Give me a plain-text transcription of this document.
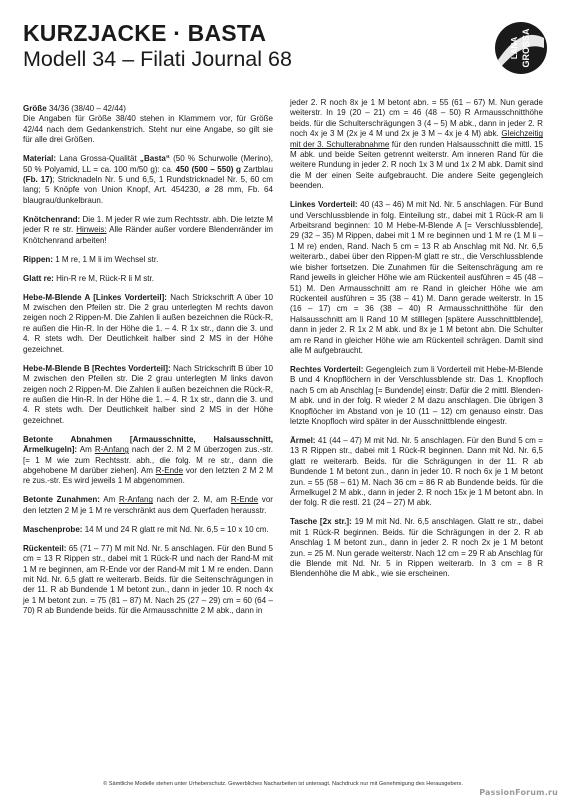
KURZJACKE · BASTA
Modell 34 – Filati Journal 68	LANA GROSSA

Größe 34/36 (38/40 – 42/44)
Die Angaben für Größe 38/40 stehen in Klammern vor, für Größe 42/44 nach dem Gedankenstrich. Steht nur eine Angabe, so gilt sie für alle drei Größen.

Material: Lana Grossa-Qualität „Basta“ (50 % Schurwolle (Merino), 50 % Polyamid, LL = ca. 100 m/50 g): ca. 450 (500 – 550) g Zartblau (Fb. 17); Stricknadeln Nr. 5 und 6,5, 1 Rundstricknadel Nr. 5, 60 cm lang; 5 Knöpfe von Union Knopf, Art. 454230, ø 28 mm, Fb. 64 blaugrau/dunkelbraun.

Knötchenrand: Die 1. M jeder R wie zum Rechtsstr. abh. Die letzte M jeder R re str. Hinweis: Alle Ränder außer vordere Blendenränder im Knötchenrand arbeiten!

Rippen: 1 M re, 1 M li im Wechsel str.

Glatt re: Hin-R re M, Rück-R li M str.

Hebe-M-Blende A [Linkes Vorderteil]: Nach Strickschrift A über 10 M zwischen den Pfeilen str. Die 2 grau unterlegten M rechts davon zeigen noch 2 Rippen-M. Die Zahlen li außen bezeichnen die Rück-R, re außen die Hin-R. In der Höhe die 1. – 4. R 1x str., dann die 3. und 4. R stets wdh. Der Deutlichkeit halber sind 2 MS in der Höhe gezeichnet.

Hebe-M-Blende B [Rechtes Vorderteil]: Nach Strickschrift B über 10 M zwischen den Pfeilen str. Die 2 grau unterlegten M links davon zeigen noch 2 Rippen-M. Die Zahlen li außen bezeichnen die Rück-R, re außen die Hin-R. In der Höhe die 1. – 4. R 1x str., dann die 3. und 4. R stets wdh. Der Deutlichkeit halber sind 2 MS in der Höhe gezeichnet.

Betonte Abnahmen [Armausschnitte, Halsausschnitt, Ärmelkugeln]: Am R-Anfang nach der 2. M 2 M überzogen zus.-str. [= 1 M wie zum Rechtsstr. abh., die folg. M re str., dann die abgehobene M darüber ziehen]. Am R-Ende vor den letzten 2 M 2 M re zus.-str. Es wird jeweils 1 M abgenommen.

Betonte Zunahmen: Am R-Anfang nach der 2. M, am R-Ende vor den letzten 2 M je 1 M re verschränkt aus dem Querfaden herausstr.

Maschenprobe: 14 M und 24 R glatt re mit Nd. Nr. 6,5 = 10 x 10 cm.

Rückenteil: 65 (71 – 77) M mit Nd. Nr. 5 anschlagen. Für den Bund 5 cm = 13 R Rippen str., dabei mit 1 Rück-R und nach der Rand-M mit 1 M re beginnen, am R-Ende vor der Rand-M mit 1 M re enden. Dann mit Nd. Nr. 6,5 glatt re weiterarb. Beids. für die Seitenschrägungen in der 11. R ab Bundende 1 M betont zun., dann in jeder 10. R noch 4x je 1 M betont zun. = 75 (81 – 87) M. Nach 25 (27 – 29) cm = 60 (64 – 70) R ab Bundende beids. für die Armausschnitte 2 M abk., dann in

jeder 2. R noch 8x je 1 M betont abn. = 55 (61 – 67) M. Nun gerade weiterstr. In 19 (20 – 21) cm = 46 (48 – 50) R Armausschnitthöhe beids. für die Schulterschrägungen 3 (4 – 5) M abk., dann in jeder 2. R noch 4x je 3 M (2x je 4 M und 2x je 3 M – 4x je 4 M) abk. Gleichzeitig mit der 3. Schulterabnahme für den runden Halsausschnitt die mittl. 15 M abk. und beide Seiten getrennt weiterstr. Am inneren Rand für die weitere Rundung in jeder 2. R noch 1x 3 M und 1x 2 M abk. Damit sind die M der einen Seite aufgebraucht. Die andere Seite gegengleich beenden.

Linkes Vorderteil: 40 (43 – 46) M mit Nd. Nr. 5 anschlagen. Für Bund und Verschlussblende in folg. Einteilung str., dabei mit 1 Rück-R am li Arbeitsrand beginnen: 10 M Hebe-M-Blende A [= Verschlussblende], 29 (32 – 35) M Rippen, dabei mit 1 M re beginnen und 1 M re (1 M li – 1 M re) enden, Rand. Nach 5 cm = 13 R ab Anschlag mit Nd. Nr. 6,5 weiterarb., dabei über den Rippen-M glatt re str., die Verschlussblende wie bisher fortsetzen. Die Zunahmen für die Seitenschrägung am re Rand jeweils in gleicher Höhe wie am Rückenteil ausführen = 45 (48 – 51) M. Den Armausschnitt am re Rand in gleicher Höhe wie am Rückenteil ausführen = 35 (38 – 41) M. Dann gerade weiterstr. In 15 (16 – 17) cm = 36 (38 – 40) R Armausschnitthöhe für den Halsausschnitt am li Rand 10 M stilllegen [spätere Ausschnittblende], dann in jeder 2. R 1x 2 M abk. und 8x je 1 M betont abn. Die Schulter am re Rand in gleicher Höhe wie am Rückenteil schrägen. Damit sind alle M aufgebraucht.

Rechtes Vorderteil: Gegengleich zum li Vorderteil mit Hebe-M-Blende B und 4 Knopflöchern in der Verschlussblende str. Das 1. Knopfloch nach 5 cm ab Anschlag [= Bundende] einstr. Dafür die 2 mittl. Blenden-M abk. und in der folg. R wieder 2 M dazu anschlagen. Die übrigen 3 Knopflöcher im Abstand von je 10 (11 – 12) cm genauso einstr. Das letzte Knopfloch wird später in der Ausschnittblende eingestr.

Ärmel: 41 (44 – 47) M mit Nd. Nr. 5 anschlagen. Für den Bund 5 cm = 13 R Rippen str., dabei mit 1 Rück-R beginnen. Dann mit Nd. Nr. 6,5 glatt re weiterarb. Beids. für die Schrägungen in der 11. R ab Bundende 1 M betont zun., dann in jeder 10. R noch 6x je 1 M betont zun. = 55 (58 – 61) M. Nach 36 cm = 86 R ab Bundende beids. für die Ärmelkugel 2 M abk., dann in jeder 2. R noch 15x je 1 M betont abn. In der folg. R die restl. 21 (24 – 27) M abk.

Tasche [2x str.]: 19 M mit Nd. Nr. 6,5 anschlagen. Glatt re str., dabei mit 1 Rück-R beginnen. Beids. für die Schrägungen in der 2. R ab Anschlag 1 M betont zun., dann in jeder 2. R noch 2x je 1 M betont zun. = 25 M. Nun gerade weiterstr. Nach 12 cm = 29 R ab Anschlag für die Blende mit Nd. Nr. 5 in Rippen weiterarb. In 3 cm = 8 R Blendenhöhe die M abk., wie sie erscheinen.

© Sämtliche Modelle stehen unter Urheberschutz. Gewerbliches Nacharbeiten ist untersagt. Nachdruck nur mit Genehmigung des Herausgebers.
PassionForum.ru
